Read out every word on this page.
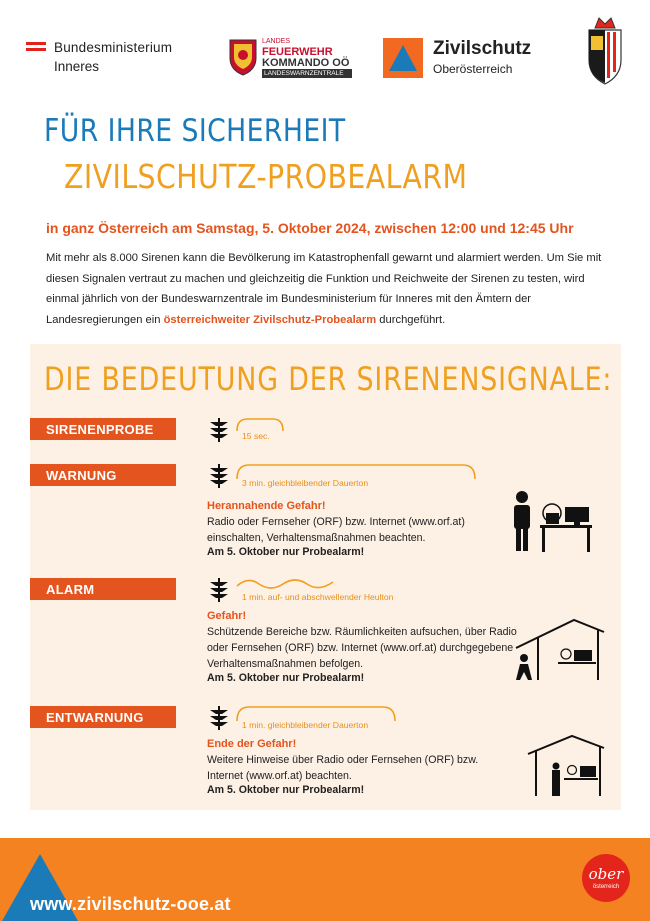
Bundesministerium
Inneres
LANDES
FEUERWEHR
KOMMANDO OÖ
LANDESWARNZENTRALE
Zivilschutz
Oberösterreich
FÜR IHRE SICHERHEIT
ZIVILSCHUTZ-PROBEALARM
in ganz Österreich am Samstag, 5. Oktober 2024, zwischen 12:00 und 12:45 Uhr

Mit mehr als 8.000 Sirenen kann die Bevölkerung im Katastrophenfall gewarnt und alarmiert werden. Um Sie mit diesen Signalen vertraut zu machen und gleichzeitig die Funktion und Reichweite der Sirenen zu testen, wird einmal jährlich von der Bundeswarnzentrale im Bundesministerium für Inneres mit den Ämtern der Landesregierungen ein österreichweiter Zivilschutz-Probealarm durchgeführt.

DIE BEDEUTUNG DER SIRENENSIGNALE:
SIRENENPROBE	15 sec.
WARNUNG	3 min. gleichbleibender Dauerton
Herannahende Gefahr!
Radio oder Fernseher (ORF) bzw. Internet (www.orf.at) einschalten, Verhaltensmaßnahmen beachten.
Am 5. Oktober nur Probealarm!
ALARM	1 min. auf- und abschwellender Heulton
Gefahr!
Schützende Bereiche bzw. Räumlichkeiten aufsuchen, über Radio oder Fernsehen (ORF) bzw. Internet (www.orf.at) durchgegebene Verhaltensmaßnahmen befolgen.
Am 5. Oktober nur Probealarm!
ENTWARNUNG	1 min. gleichbleibender Dauerton
Ende der Gefahr!
Weitere Hinweise über Radio oder Fernsehen (ORF) bzw. Internet (www.orf.at) beachten.
Am 5. Oktober nur Probealarm!
www.zivilschutz-ooe.at
ober
österreich
